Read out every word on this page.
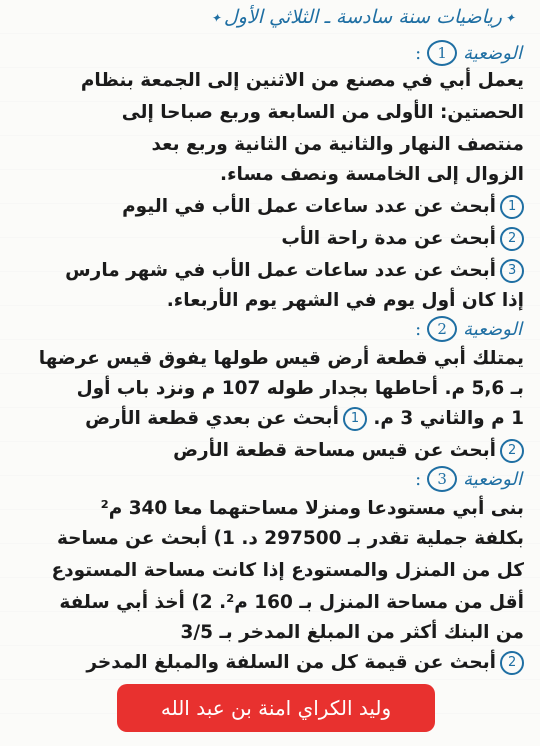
✦رياضيات سنة سادسة ـ الثلاثي الأول✦
الوضعية
1
:
يعمل أبي في مصنع من الاثنين إلى الجمعة بنظام
الحصتين: الأولى من السابعة وربع صباحا إلى
منتصف النهار والثانية من الثانية وربع بعد
الزوال إلى الخامسة ونصف مساء.
1أبحث عن عدد ساعات عمل الأب في اليوم
2أبحث عن مدة راحة الأب
3أبحث عن عدد ساعات عمل الأب في شهر مارس
إذا كان أول يوم في الشهر يوم الأربعاء.
الوضعية
2
:
يمتلك أبي قطعة أرض قيس طولها يفوق قيس عرضها
بـ 5,6 م. أحاطها بجدار طوله 107 م ونزد باب أول
1 م والثاني 3 م. 1أبحث عن بعدي قطعة الأرض
2أبحث عن قيس مساحة قطعة الأرض
الوضعية
3
:
بنى أبي مستودعا ومنزلا مساحتهما معا 340 م²
بكلفة جملية تقدر بـ 297500 د. 1) أبحث عن مساحة
كل من المنزل والمستودع إذا كانت مساحة المستودع
أقل من مساحة المنزل بـ 160 م². 2) أخذ أبي سلفة
من البنك أكثر من المبلغ المدخر بـ 3/5
2أبحث عن قيمة كل من السلفة والمبلغ المدخر
وليد الكراي امنة بن عبد الله
